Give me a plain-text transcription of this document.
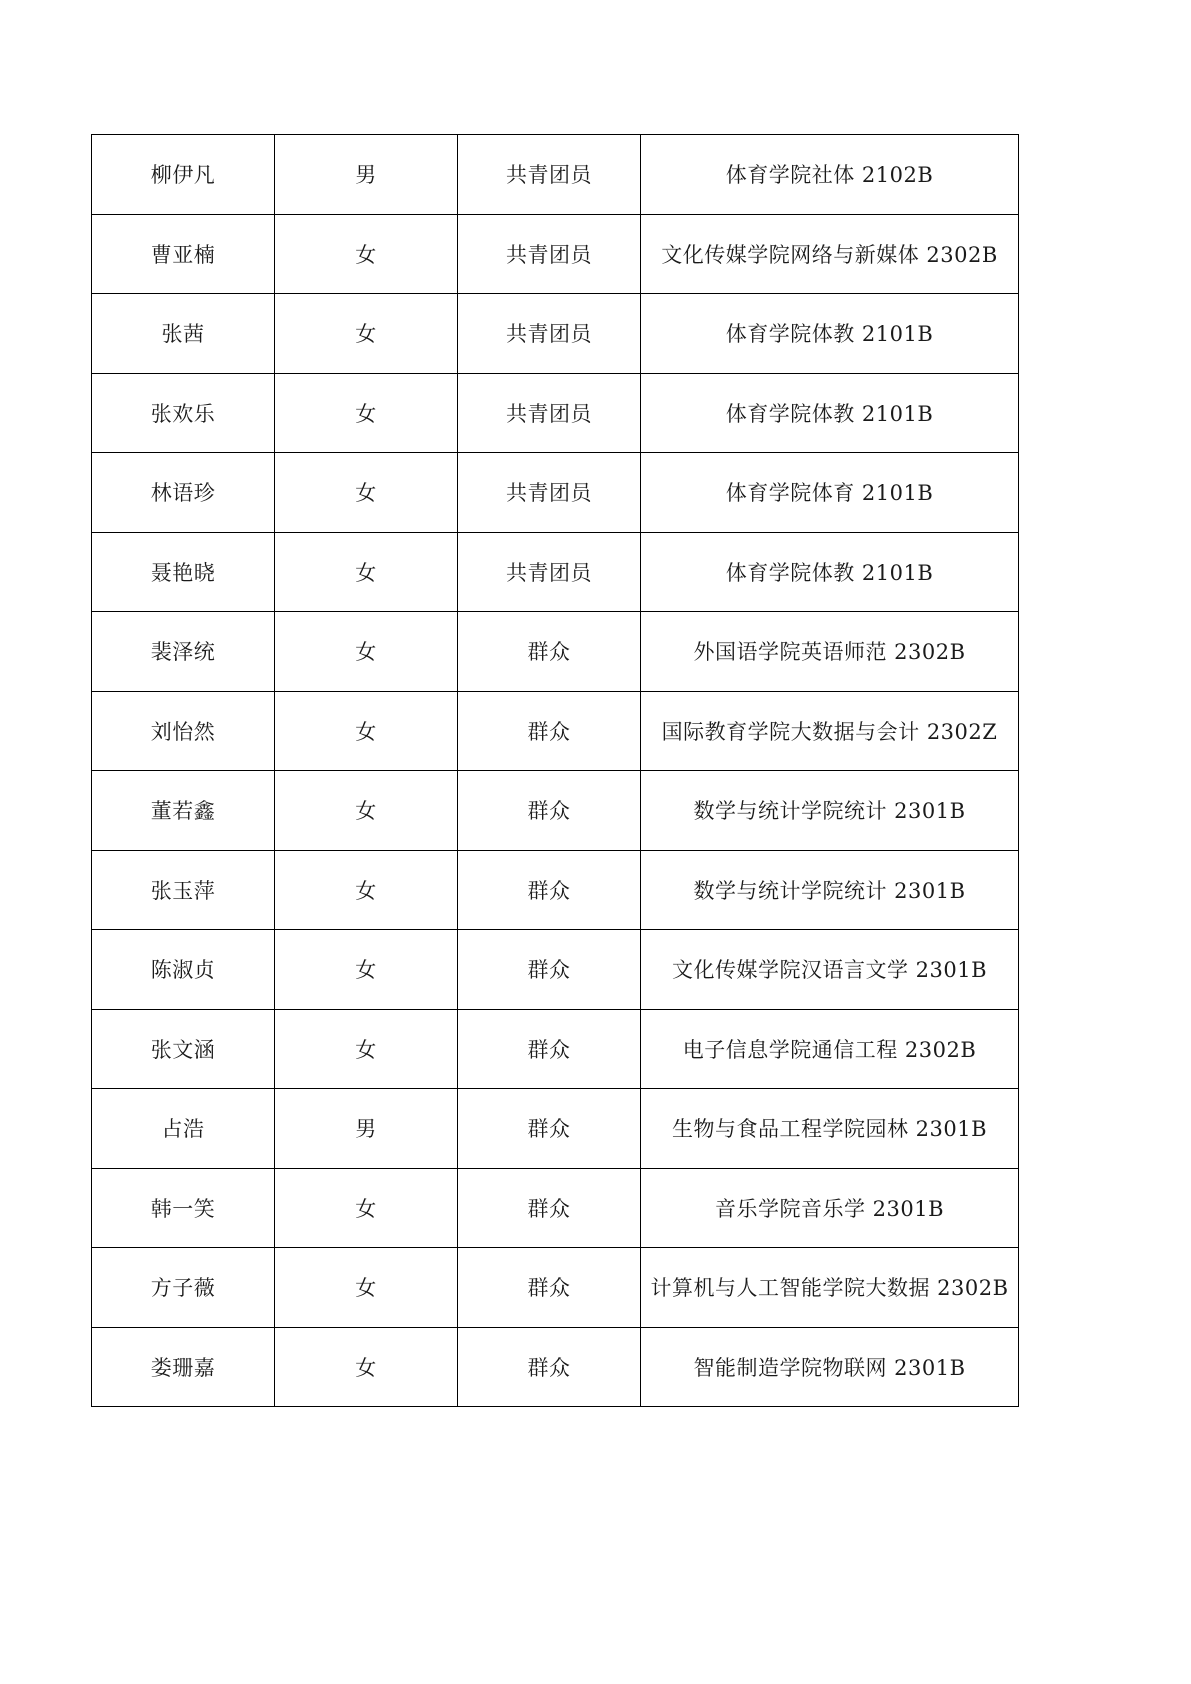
柳伊凡	男	共青团员	体育学院社体 2102B
曹亚楠	女	共青团员	文化传媒学院网络与新媒体 2302B
张茜	女	共青团员	体育学院体教 2101B
张欢乐	女	共青团员	体育学院体教 2101B
林语珍	女	共青团员	体育学院体育 2101B
聂艳晓	女	共青团员	体育学院体教 2101B
裴泽统	女	群众	外国语学院英语师范 2302B
刘怡然	女	群众	国际教育学院大数据与会计 2302Z
董若鑫	女	群众	数学与统计学院统计 2301B
张玉萍	女	群众	数学与统计学院统计 2301B
陈淑贞	女	群众	文化传媒学院汉语言文学 2301B
张文涵	女	群众	电子信息学院通信工程 2302B
占浩	男	群众	生物与食品工程学院园林 2301B
韩一笑	女	群众	音乐学院音乐学 2301B
方子薇	女	群众	计算机与人工智能学院大数据 2302B
娄珊嘉	女	群众	智能制造学院物联网 2301B
